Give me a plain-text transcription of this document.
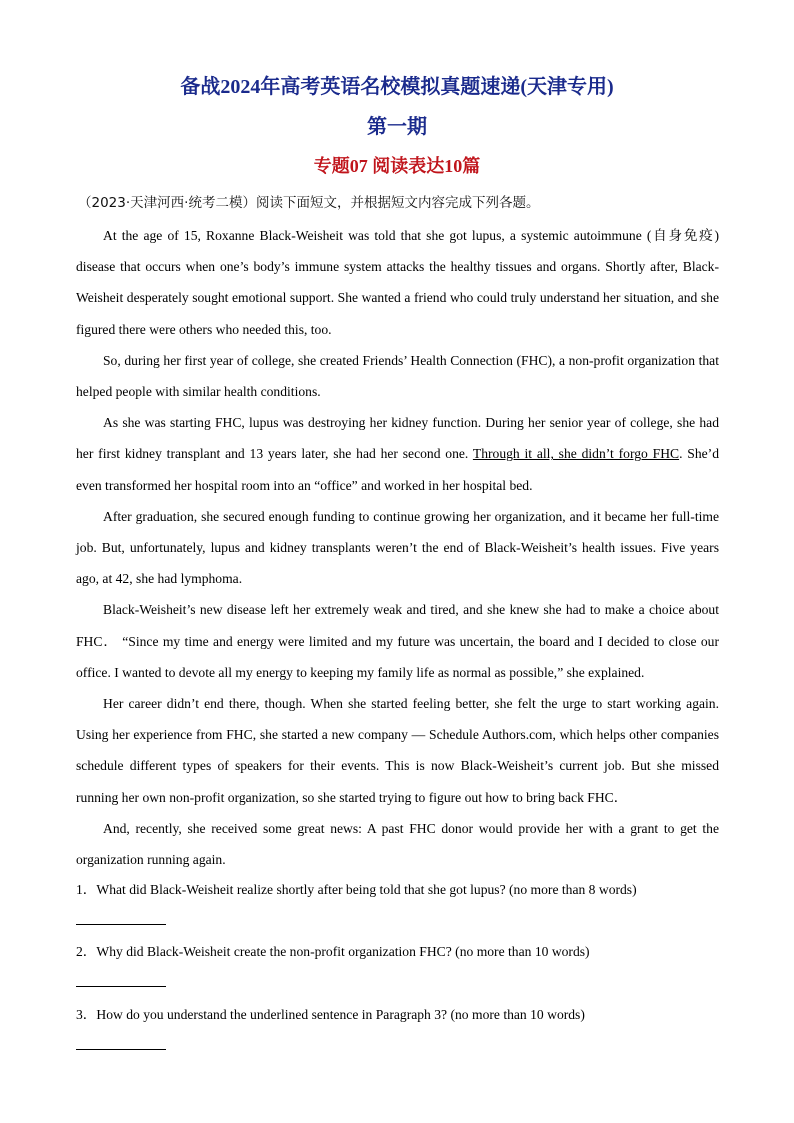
备战2024年高考英语名校模拟真题速递(天津专用)
第一期
专题07 阅读表达10篇
（2023·天津河西·统考二模）阅读下面短文，并根据短文内容完成下列各题。

At the age of 15, Roxanne Black-Weisheit was told that she got lupus, a systemic autoimmune (自身免疫) disease that occurs when one’s body’s immune system attacks the healthy tissues and organs. Shortly after, Black-Weisheit desperately sought emotional support. She wanted a friend who could truly understand her situation, and she figured there were others who needed this, too.

So, during her first year of college, she created Friends’ Health Connection (FHC), a non-profit organization that helped people with similar health conditions.

As she was starting FHC, lupus was destroying her kidney function. During her senior year of college, she had her first kidney transplant and 13 years later, she had her second one. Through it all, she didn’t forgo FHC. She’d even transformed her hospital room into an “office” and worked in her hospital bed.

After graduation, she secured enough funding to continue growing her organization, and it became her full-time job. But, unfortunately, lupus and kidney transplants weren’t the end of Black-Weisheit’s health issues. Five years ago, at 42, she had lymphoma.

Black-Weisheit’s new disease left her extremely weak and tired, and she knew she had to make a choice about FHC． “Since my time and energy were limited and my future was uncertain, the board and I decided to close our office. I wanted to devote all my energy to keeping my family life as normal as possible,” she explained.

Her career didn’t end there, though. When she started feeling better, she felt the urge to start working again. Using her experience from FHC, she started a new company — Schedule Authors.com, which helps other companies schedule different types of speakers for their events. This is now Black-Weisheit’s current job. But she missed running her own non-profit organization, so she started trying to figure out how to bring back FHC．

And, recently, she received some great news: A past FHC donor would provide her with a grant to get the organization running again.

1．What did Black-Weisheit realize shortly after being told that she got lupus? (no more than 8 words)
2．Why did Black-Weisheit create the non-profit organization FHC? (no more than 10 words)
3．How do you understand the underlined sentence in Paragraph 3? (no more than 10 words)
